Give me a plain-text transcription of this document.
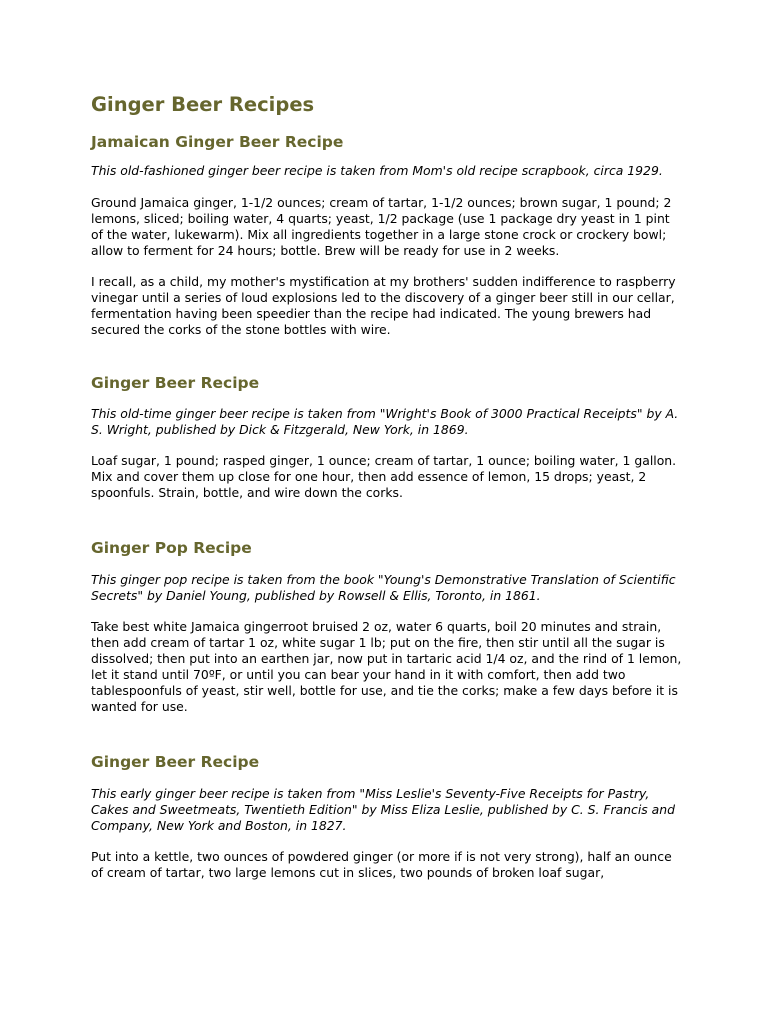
Ginger Beer Recipes
Jamaican Ginger Beer Recipe

This old-fashioned ginger beer recipe is taken from Mom's old recipe scrapbook, circa 1929.

Ground Jamaica ginger, 1-1/2 ounces; cream of tartar, 1-1/2 ounces; brown sugar, 1 pound; 2 lemons, sliced; boiling water, 4 quarts; yeast, 1/2 package (use 1 package dry yeast in 1 pint of the water, lukewarm). Mix all ingredients together in a large stone crock or crockery bowl; allow to ferment for 24 hours; bottle. Brew will be ready for use in 2 weeks.

I recall, as a child, my mother's mystification at my brothers' sudden indifference to raspberry vinegar until a series of loud explosions led to the discovery of a ginger beer still in our cellar, fermentation having been speedier than the recipe had indicated. The young brewers had secured the corks of the stone bottles with wire.

Ginger Beer Recipe

This old-time ginger beer recipe is taken from "Wright's Book of 3000 Practical Receipts" by A. S. Wright, published by Dick & Fitzgerald, New York, in 1869.

Loaf sugar, 1 pound; rasped ginger, 1 ounce; cream of tartar, 1 ounce; boiling water, 1 gallon. Mix and cover them up close for one hour, then add essence of lemon, 15 drops; yeast, 2 spoonfuls. Strain, bottle, and wire down the corks.

Ginger Pop Recipe

This ginger pop recipe is taken from the book "Young's Demonstrative Translation of Scientific Secrets" by Daniel Young, published by Rowsell & Ellis, Toronto, in 1861.

Take best white Jamaica gingerroot bruised 2 oz, water 6 quarts, boil 20 minutes and strain, then add cream of tartar 1 oz, white sugar 1 lb; put on the fire, then stir until all the sugar is dissolved; then put into an earthen jar, now put in tartaric acid 1/4 oz, and the rind of 1 lemon, let it stand until 70ºF, or until you can bear your hand in it with comfort, then add two tablespoonfuls of yeast, stir well, bottle for use, and tie the corks; make a few days before it is wanted for use.

Ginger Beer Recipe

This early ginger beer recipe is taken from "Miss Leslie's Seventy-Five Receipts for Pastry, Cakes and Sweetmeats, Twentieth Edition" by Miss Eliza Leslie, published by C. S. Francis and Company, New York and Boston, in 1827.

Put into a kettle, two ounces of powdered ginger (or more if is not very strong), half an ounce of cream of tartar, two large lemons cut in slices, two pounds of broken loaf sugar,
